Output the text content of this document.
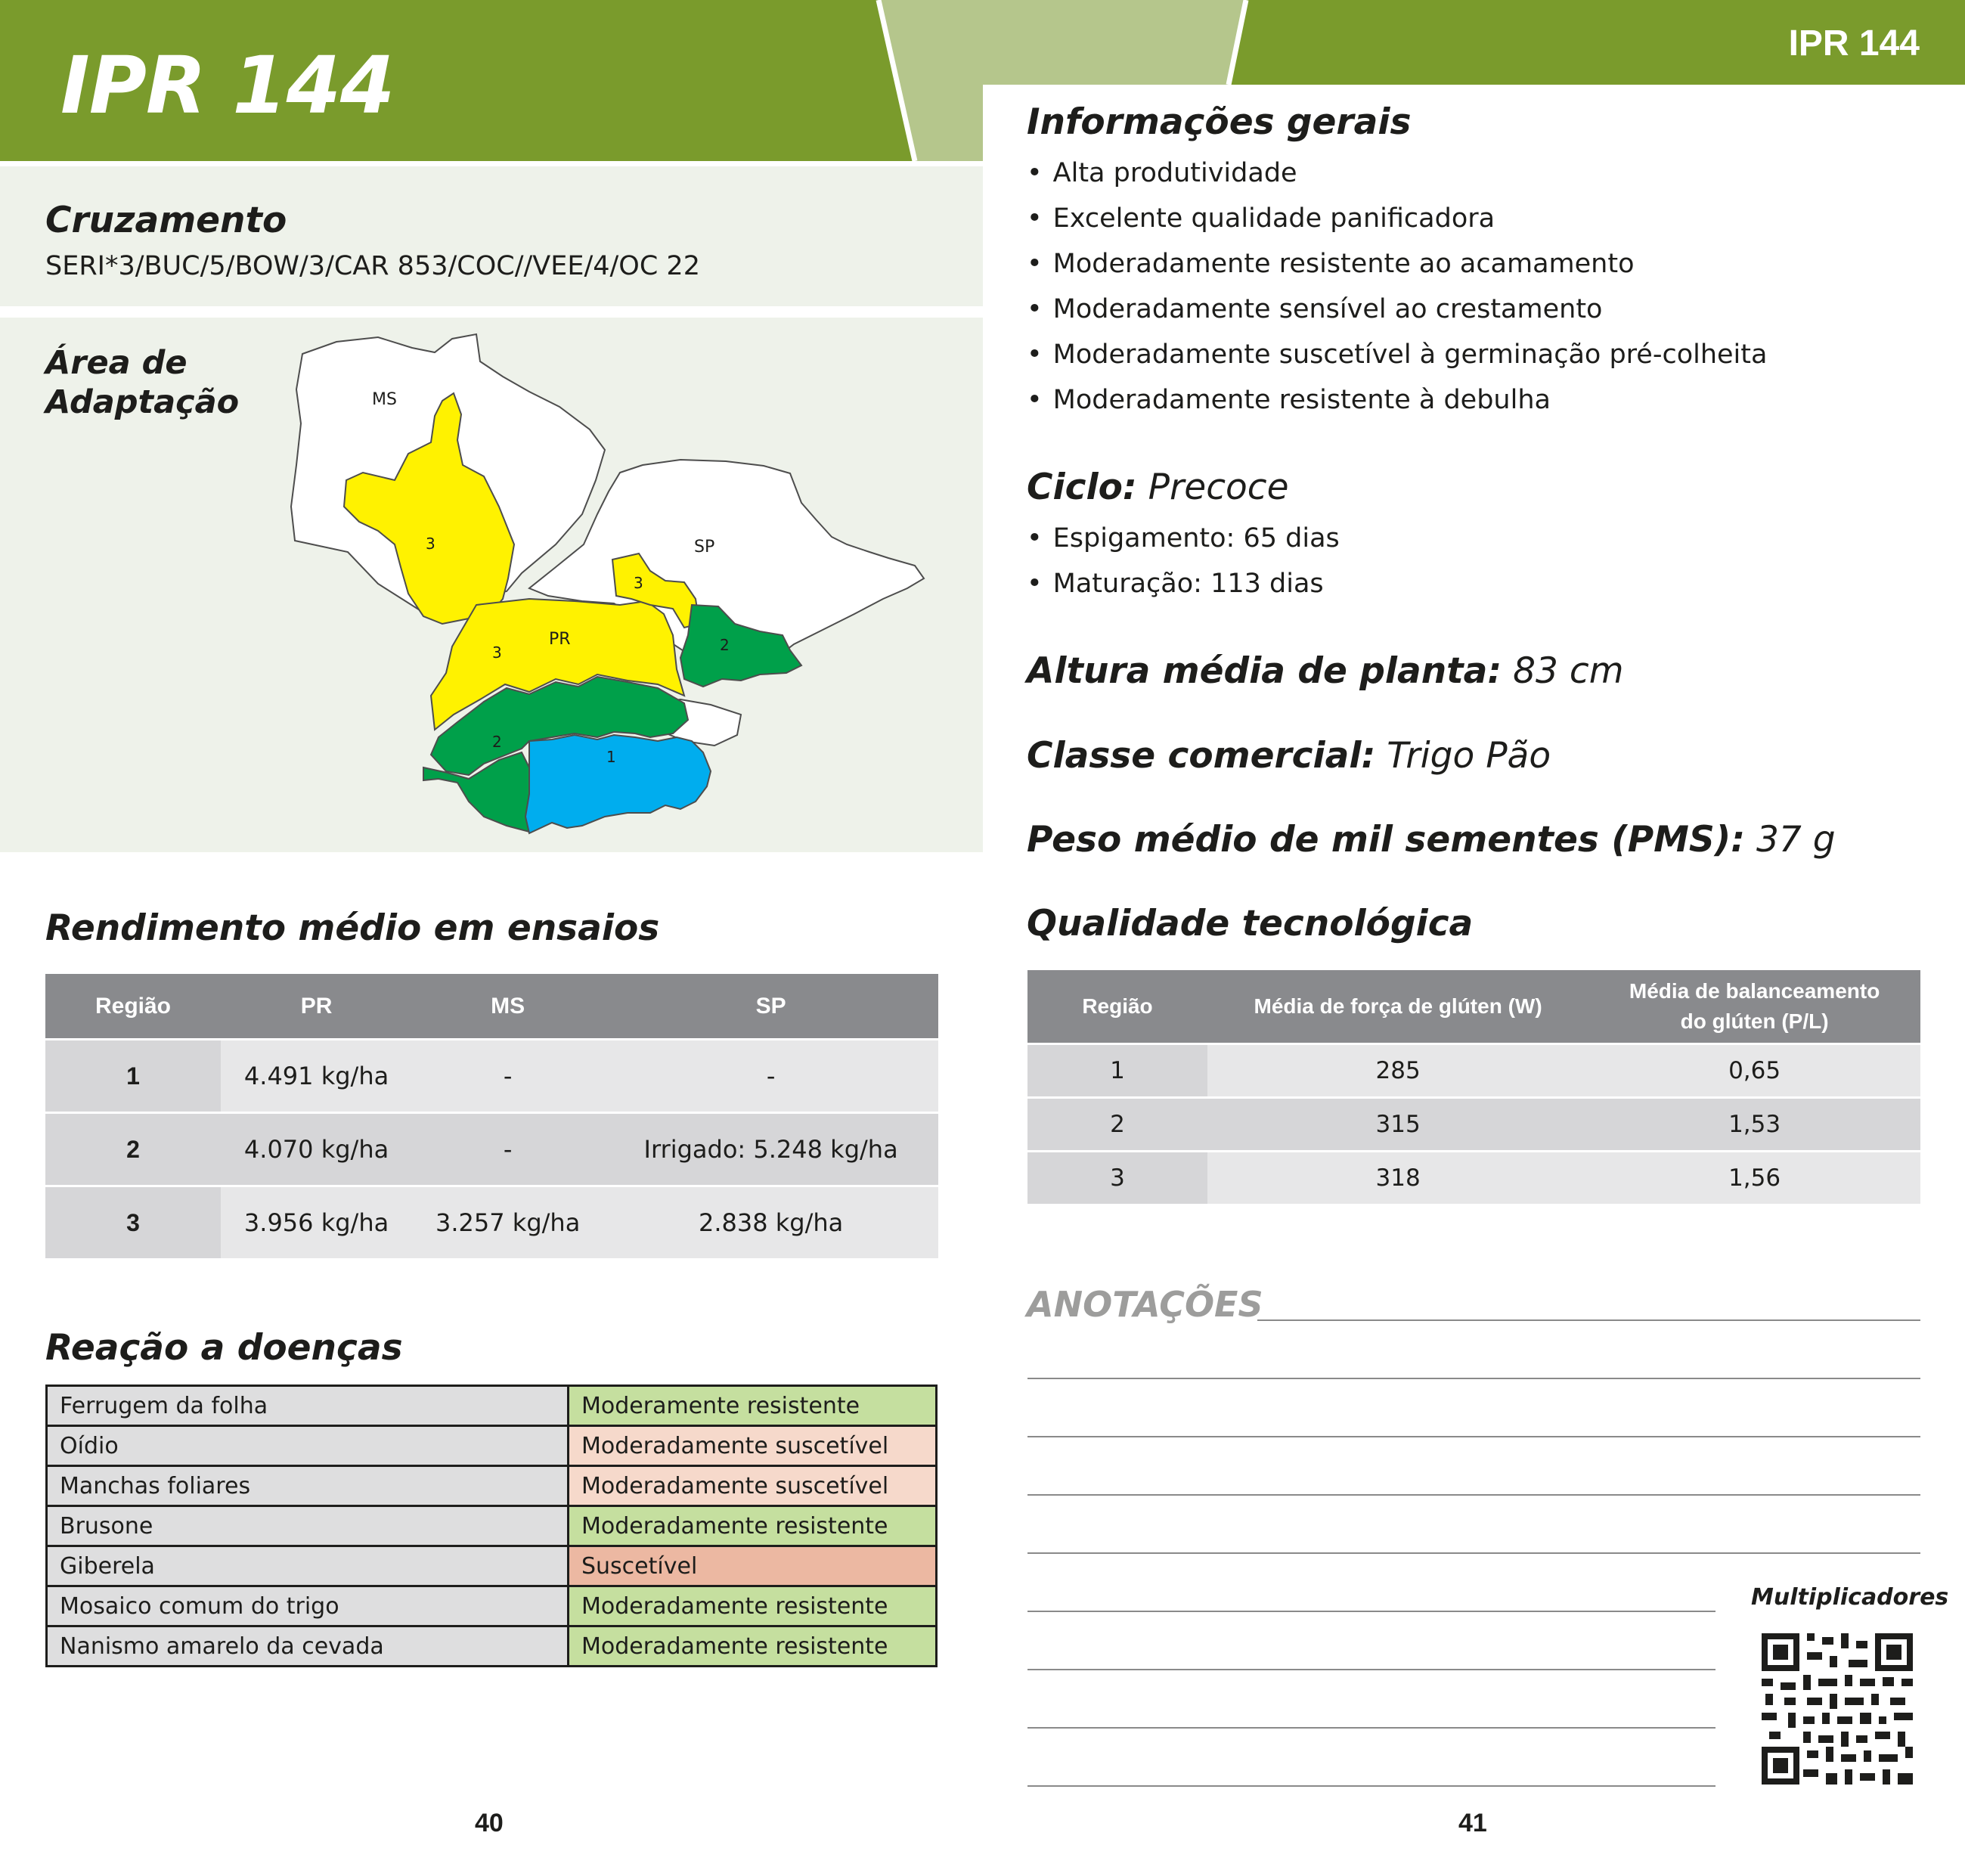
IPR 144	IPR 144
Cruzamento
SERI*3/BUC/5/BOW/3/CAR 853/COC//VEE/4/OC 22
Área de
Adaptação	MS
SP
PR
3
3
3	2
2
1
Rendimento médio em ensaios
Região	PR	MS	SP
1	4.491 kg/ha	-	-
2	4.070 kg/ha	-	Irrigado: 5.248 kg/ha
3	3.956 kg/ha	3.257 kg/ha	2.838 kg/ha
Reação a doenças
Ferrugem da folha	Moderamente resistente
Oídio	Moderadamente suscetível
Manchas foliares	Moderadamente suscetível
Brusone	Moderadamente resistente
Giberela	Suscetível
Mosaico comum do trigo	Moderadamente resistente
Nanismo amarelo da cevada	Moderadamente resistente
40
Informações gerais
• Alta produtividade
• Excelente qualidade panificadora
• Moderadamente resistente ao acamamento
• Moderadamente sensível ao crestamento
• Moderadamente suscetível à germinação pré-colheita
• Moderadamente resistente à debulha
Ciclo: Precoce
• Espigamento: 65 dias
• Maturação: 113 dias
Altura média de planta: 83 cm
Classe comercial: Trigo Pão
Peso médio de mil sementes (PMS): 37 g
Qualidade tecnológica
Região	Média de força de glúten (W)	Média de balanceamento
do glúten (P/L)

1	285	0,65
2	315	1,53
3	318	1,56
ANOTAÇÕES
Multiplicadores
41
